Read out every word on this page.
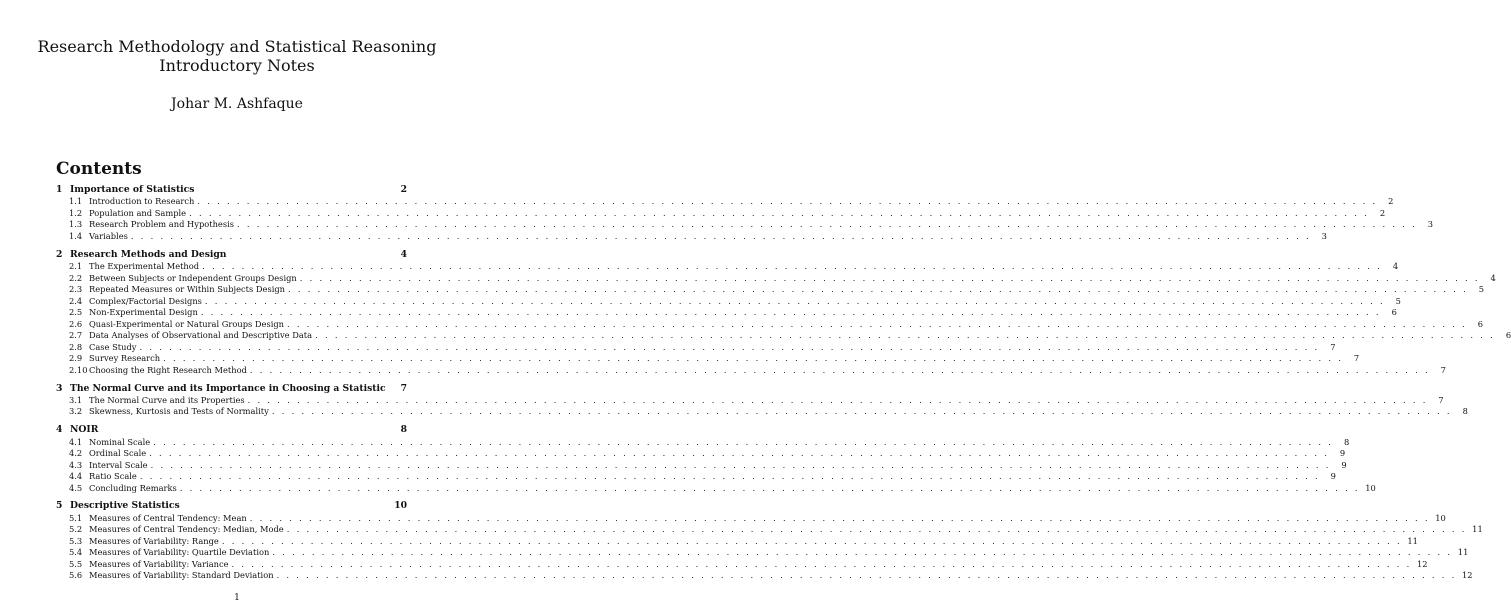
Research Methodology and Statistical Reasoning
Introductory Notes
Johar M. Ashfaque
Contents
1 Importance of Statistics	2
1.1 Introduction to Research . . . . . . . . . . . . . . . . . . . . . . . . . . . . . . . . . . . . . . . . . . . . . . . . . . . . . . . . . . . . . . . . . . . . . . . . . . . . . . . . . . . . . . . . . . . . . . . . . . . . . . . . . . . . . . . . . . . . . . . .	2
1.2 Population and Sample . . . . . . . . . . . . . . . . . . . . . . . . . . . . . . . . . . . . . . . . . . . . . . . . . . . . . . . . . . . . . . . . . . . . . . . . . . . . . . . . . . . . . . . . . . . . . . . . . . . . . . . . . . . . . . . . . . . . . . . .	2
1.3 Research Problem and Hypothesis . . . . . . . . . . . . . . . . . . . . . . . . . . . . . . . . . . . . . . . . . . . . . . . . . . . . . . . . . . . . . . . . . . . . . . . . . . . . . . . . . . . . . . . . . . . . . . . . . . . . . . . . . . . . . . . . . . . . . . . .	3
1.4 Variables . . . . . . . . . . . . . . . . . . . . . . . . . . . . . . . . . . . . . . . . . . . . . . . . . . . . . . . . . . . . . . . . . . . . . . . . . . . . . . . . . . . . . . . . . . . . . . . . . . . . . . . . . . . . . . . . . . . . . . . .	3
2 Research Methods and Design	4
2.1 The Experimental Method . . . . . . . . . . . . . . . . . . . . . . . . . . . . . . . . . . . . . . . . . . . . . . . . . . . . . . . . . . . . . . . . . . . . . . . . . . . . . . . . . . . . . . . . . . . . . . . . . . . . . . . . . . . . . . . . . . . . . . . .	4
2.2 Between Subjects or Independent Groups Design . . . . . . . . . . . . . . . . . . . . . . . . . . . . . . . . . . . . . . . . . . . . . . . . . . . . . . . . . . . . . . . . . . . . . . . . . . . . . . . . . . . . . . . . . . . . . . . . . . . . . . . . . . . . . . . . . . . . . . . .	4
2.3 Repeated Measures or Within Subjects Design . . . . . . . . . . . . . . . . . . . . . . . . . . . . . . . . . . . . . . . . . . . . . . . . . . . . . . . . . . . . . . . . . . . . . . . . . . . . . . . . . . . . . . . . . . . . . . . . . . . . . . . . . . . . . . . . . . . . . . . .	5
2.4 Complex/Factorial Designs . . . . . . . . . . . . . . . . . . . . . . . . . . . . . . . . . . . . . . . . . . . . . . . . . . . . . . . . . . . . . . . . . . . . . . . . . . . . . . . . . . . . . . . . . . . . . . . . . . . . . . . . . . . . . . . . . . . . . . . .	5
2.5 Non-Experimental Design . . . . . . . . . . . . . . . . . . . . . . . . . . . . . . . . . . . . . . . . . . . . . . . . . . . . . . . . . . . . . . . . . . . . . . . . . . . . . . . . . . . . . . . . . . . . . . . . . . . . . . . . . . . . . . . . . . . . . . . .	6
2.6 Quasi-Experimental or Natural Groups Design . . . . . . . . . . . . . . . . . . . . . . . . . . . . . . . . . . . . . . . . . . . . . . . . . . . . . . . . . . . . . . . . . . . . . . . . . . . . . . . . . . . . . . . . . . . . . . . . . . . . . . . . . . . . . . . . . . . . . . . .	6
2.7 Data Analyses of Observational and Descriptive Data . . . . . . . . . . . . . . . . . . . . . . . . . . . . . . . . . . . . . . . . . . . . . . . . . . . . . . . . . . . . . . . . . . . . . . . . . . . . . . . . . . . . . . . . . . . . . . . . . . . . . . . . . . . . . . . . . . . . . . . .	6
2.8 Case Study . . . . . . . . . . . . . . . . . . . . . . . . . . . . . . . . . . . . . . . . . . . . . . . . . . . . . . . . . . . . . . . . . . . . . . . . . . . . . . . . . . . . . . . . . . . . . . . . . . . . . . . . . . . . . . . . . . . . . . . .	7
2.9 Survey Research . . . . . . . . . . . . . . . . . . . . . . . . . . . . . . . . . . . . . . . . . . . . . . . . . . . . . . . . . . . . . . . . . . . . . . . . . . . . . . . . . . . . . . . . . . . . . . . . . . . . . . . . . . . . . . . . . . . . . . . .	7
2.10 Choosing the Right Research Method . . . . . . . . . . . . . . . . . . . . . . . . . . . . . . . . . . . . . . . . . . . . . . . . . . . . . . . . . . . . . . . . . . . . . . . . . . . . . . . . . . . . . . . . . . . . . . . . . . . . . . . . . . . . . . . . . . . . . . . .	7
3 The Normal Curve and its Importance in Choosing a Statistic	7
3.1 The Normal Curve and its Properties . . . . . . . . . . . . . . . . . . . . . . . . . . . . . . . . . . . . . . . . . . . . . . . . . . . . . . . . . . . . . . . . . . . . . . . . . . . . . . . . . . . . . . . . . . . . . . . . . . . . . . . . . . . . . . . . . . . . . . . .	7
3.2 Skewness, Kurtosis and Tests of Normality . . . . . . . . . . . . . . . . . . . . . . . . . . . . . . . . . . . . . . . . . . . . . . . . . . . . . . . . . . . . . . . . . . . . . . . . . . . . . . . . . . . . . . . . . . . . . . . . . . . . . . . . . . . . . . . . . . . . . . . .	8
4 NOIR	8
4.1 Nominal Scale . . . . . . . . . . . . . . . . . . . . . . . . . . . . . . . . . . . . . . . . . . . . . . . . . . . . . . . . . . . . . . . . . . . . . . . . . . . . . . . . . . . . . . . . . . . . . . . . . . . . . . . . . . . . . . . . . . . . . . . .	8
4.2 Ordinal Scale . . . . . . . . . . . . . . . . . . . . . . . . . . . . . . . . . . . . . . . . . . . . . . . . . . . . . . . . . . . . . . . . . . . . . . . . . . . . . . . . . . . . . . . . . . . . . . . . . . . . . . . . . . . . . . . . . . . . . . . .	9
4.3 Interval Scale . . . . . . . . . . . . . . . . . . . . . . . . . . . . . . . . . . . . . . . . . . . . . . . . . . . . . . . . . . . . . . . . . . . . . . . . . . . . . . . . . . . . . . . . . . . . . . . . . . . . . . . . . . . . . . . . . . . . . . . .	9
4.4 Ratio Scale . . . . . . . . . . . . . . . . . . . . . . . . . . . . . . . . . . . . . . . . . . . . . . . . . . . . . . . . . . . . . . . . . . . . . . . . . . . . . . . . . . . . . . . . . . . . . . . . . . . . . . . . . . . . . . . . . . . . . . . .	9
4.5 Concluding Remarks . . . . . . . . . . . . . . . . . . . . . . . . . . . . . . . . . . . . . . . . . . . . . . . . . . . . . . . . . . . . . . . . . . . . . . . . . . . . . . . . . . . . . . . . . . . . . . . . . . . . . . . . . . . . . . . . . . . . . . . . 10
5 Descriptive Statistics	10
5.1 Measures of Central Tendency: Mean . . . . . . . . . . . . . . . . . . . . . . . . . . . . . . . . . . . . . . . . . . . . . . . . . . . . . . . . . . . . . . . . . . . . . . . . . . . . . . . . . . . . . . . . . . . . . . . . . . . . . . . . . . . . . . . . . . . . . . . . 10
5.2 Measures of Central Tendency: Median, Mode . . . . . . . . . . . . . . . . . . . . . . . . . . . . . . . . . . . . . . . . . . . . . . . . . . . . . . . . . . . . . . . . . . . . . . . . . . . . . . . . . . . . . . . . . . . . . . . . . . . . . . . . . . . . . . . . . . . . . . . . 11
5.3 Measures of Variability: Range . . . . . . . . . . . . . . . . . . . . . . . . . . . . . . . . . . . . . . . . . . . . . . . . . . . . . . . . . . . . . . . . . . . . . . . . . . . . . . . . . . . . . . . . . . . . . . . . . . . . . . . . . . . . . . . . . . . . . . . . 11
5.4 Measures of Variability: Quartile Deviation . . . . . . . . . . . . . . . . . . . . . . . . . . . . . . . . . . . . . . . . . . . . . . . . . . . . . . . . . . . . . . . . . . . . . . . . . . . . . . . . . . . . . . . . . . . . . . . . . . . . . . . . . . . . . . . . . . . . . . . . 11
5.5 Measures of Variability: Variance . . . . . . . . . . . . . . . . . . . . . . . . . . . . . . . . . . . . . . . . . . . . . . . . . . . . . . . . . . . . . . . . . . . . . . . . . . . . . . . . . . . . . . . . . . . . . . . . . . . . . . . . . . . . . . . . . . . . . . . . 12
5.6 Measures of Variability: Standard Deviation . . . . . . . . . . . . . . . . . . . . . . . . . . . . . . . . . . . . . . . . . . . . . . . . . . . . . . . . . . . . . . . . . . . . . . . . . . . . . . . . . . . . . . . . . . . . . . . . . . . . . . . . . . . . . . . . . . . . . . . . 12
1
